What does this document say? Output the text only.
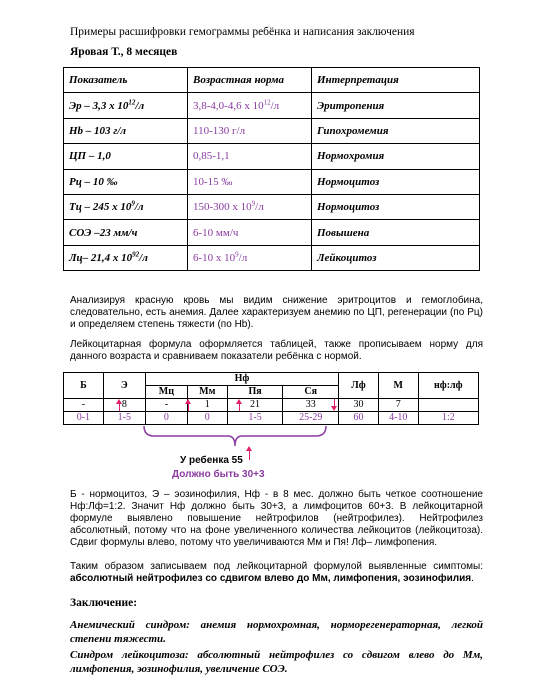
Примеры расшифровки гемограммы ребёнка и написания заключения
Яровая Т., 8 месяцев
Показатель	Возрастная норма	Интерпретация
Эр – 3,3 х $10^{12}/л$	3,8-4,0-4,6 х $10^{12}/л$	Эритропения
Hb – 103 г/л	110-130 г/л	Гипохромемия
ЦП – 1,0	0,85-1,1	Нормохромия
Рц – 10 ‰	10-15 ‰	Нормоцитоз
Тц – 245 х $10^9/л$	150-300 х $10^9/л$	Нормоцитоз
СОЭ –23 мм/ч	6-10 мм/ч	Повышена
Лц– 21,4 х $10^{92}/л$	6-10 х $10^9/л$	Лейкоцитоз
Анализируя красную кровь мы видим снижение эритроцитов и гемоглобина, следовательно, есть анемия. Далее характеризуем анемию по ЦП, регенерации (по Рц) и определяем степень тяжести (по Hb).
Лейкоцитарная формула оформляется таблицей, также прописываем норму для данного возраста и сравниваем показатели ребёнка с нормой.
Б	Э	Нф				Лф	М	нф:лф
		Мц	Мм	Пя	Ся			
-	8	-	1	21	33	30	7	
0-1	1-5	0	0	1-5	25-29	60	4-10	1:2
У ребенка 55
Должно быть 30+3
Б - нормоцитоз, Э – эозинофилия, Нф - в 8 мес. должно быть четкое соотношение Нф:Лф=1:2. Значит Нф должно быть 30+3, а лимфоцитов 60+3. В лейкоцитарной формуле выявлено повышение нейтрофилов (нейтрофилез). Нейтрофилез абсолютный, потому что на фоне увеличенного количества лейкоцитов (лейкоцитоза). Сдвиг формулы влево, потому что увеличиваются Мм и Пя! Лф– лимфопения.
Таким образом записываем под лейкоцитарной формулой выявленные симптомы: абсолютный нейтрофилез со сдвигом влево до Мм, лимфопения, эозинофилия.
Заключение:
Анемический синдром: анемия нормохромная, норморегенераторная, легкой степени тяжести.
Синдром лейкоцитоза: абсолютный нейтрофилез со сдвигом влево до Мм, лимфопения, эозинофилия, увеличение СОЭ.
